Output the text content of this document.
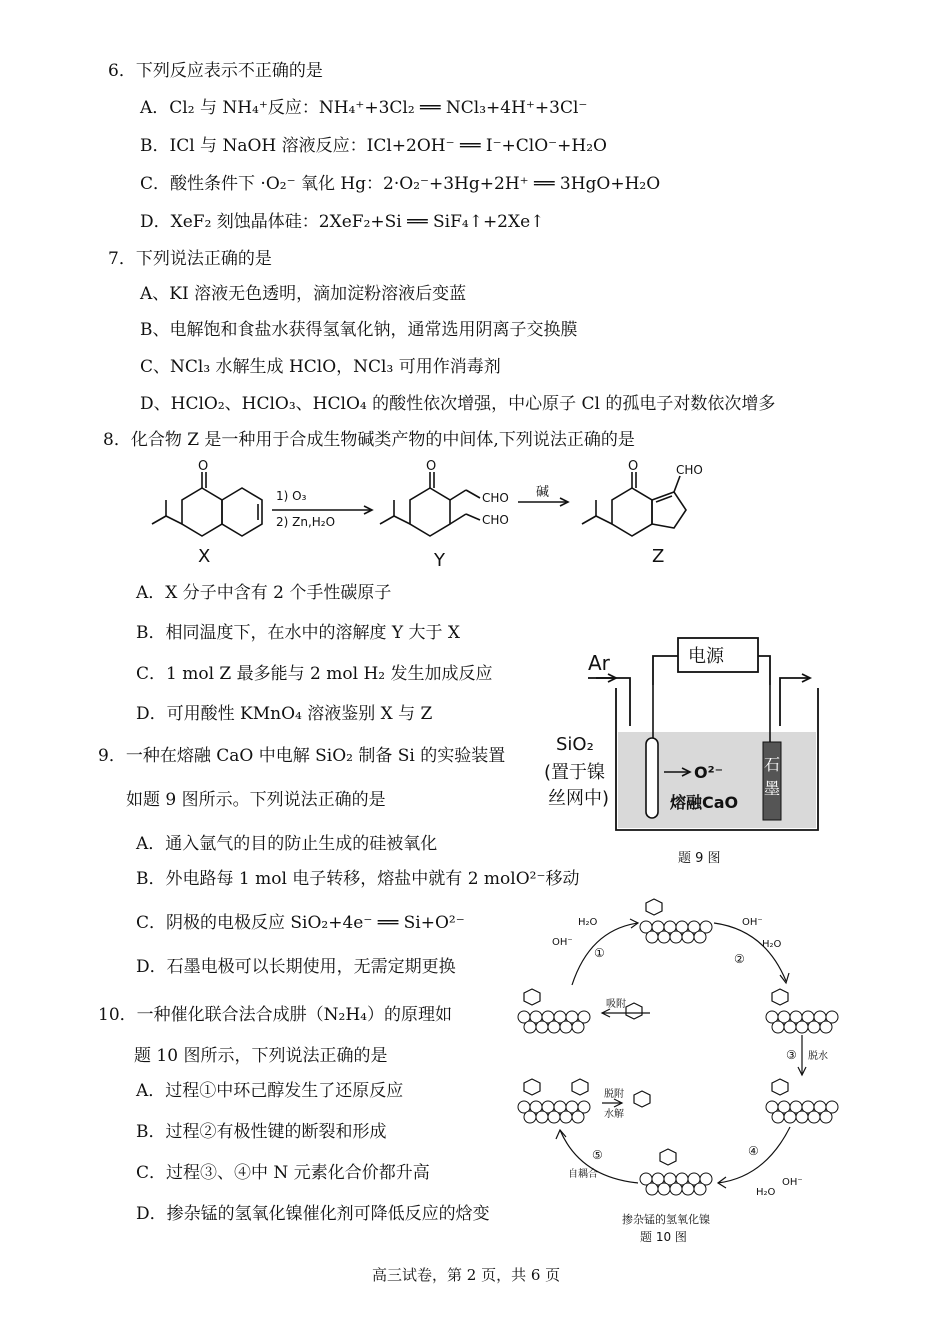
6．下列反应表示不正确的是
A．Cl₂ 与 NH₄⁺反应：NH₄⁺+3Cl₂ ══ NCl₃+4H⁺+3Cl⁻
B．ICl 与 NaOH 溶液反应：ICl+2OH⁻ ══ I⁻+ClO⁻+H₂O
C．酸性条件下 ·O₂⁻ 氧化 Hg：2·O₂⁻+3Hg+2H⁺ ══ 3HgO+H₂O
D．XeF₂ 刻蚀晶体硅：2XeF₂+Si ══ SiF₄↑+2Xe↑
7．下列说法正确的是
A、KI 溶液无色透明，滴加淀粉溶液后变蓝
B、电解饱和食盐水获得氢氧化钠，通常选用阴离子交换膜
C、NCl₃ 水解生成 HClO，NCl₃ 可用作消毒剂
D、HClO₂、HClO₃、HClO₄ 的酸性依次增强，中心原子 Cl 的孤电子对数依次增多
8．化合物 Z 是一种用于合成生物碱类产物的中间体,下列说法正确的是
O	O	O
CHO
CHO
CHO
1) O₃
2) Zn,H₂O
碱
X	Y	Z
A．X 分子中含有 2 个手性碳原子
B．相同温度下，在水中的溶解度 Y 大于 X
C．1 mol Z 最多能与 2 mol H₂ 发生加成反应
D．可用酸性 KMnO₄ 溶液鉴别 X 与 Z
Ar	电源
SiO₂
(置于镍
丝网中)
O²⁻
熔融CaO
石
墨
题 9 图
9．一种在熔融 CaO 中电解 SiO₂ 制备 Si 的实验装置
如题 9 图所示。下列说法正确的是
A．通入氩气的目的防止生成的硅被氧化
B．外电路每 1 mol 电子转移，熔盐中就有 2 molO²⁻移动
C．阴极的电极反应 SiO₂+4e⁻ ══ Si+O²⁻
D．石墨电极可以长期使用，无需定期更换
①	②
③
④
⑤
OH⁻
H₂O	OH⁻
H₂O
脱水
OH⁻
H₂O
吸附
脱附
水解
自耦合
掺杂锰的氢氧化镍
题 10 图
10．一种催化联合法合成肼（N₂H₄）的原理如
题 10 图所示，下列说法正确的是
A．过程①中环己醇发生了还原反应
B．过程②有极性键的断裂和形成
C．过程③、④中 N 元素化合价都升高
D．掺杂锰的氢氧化镍催化剂可降低反应的焓变
高三试卷，第 2 页，共 6 页
